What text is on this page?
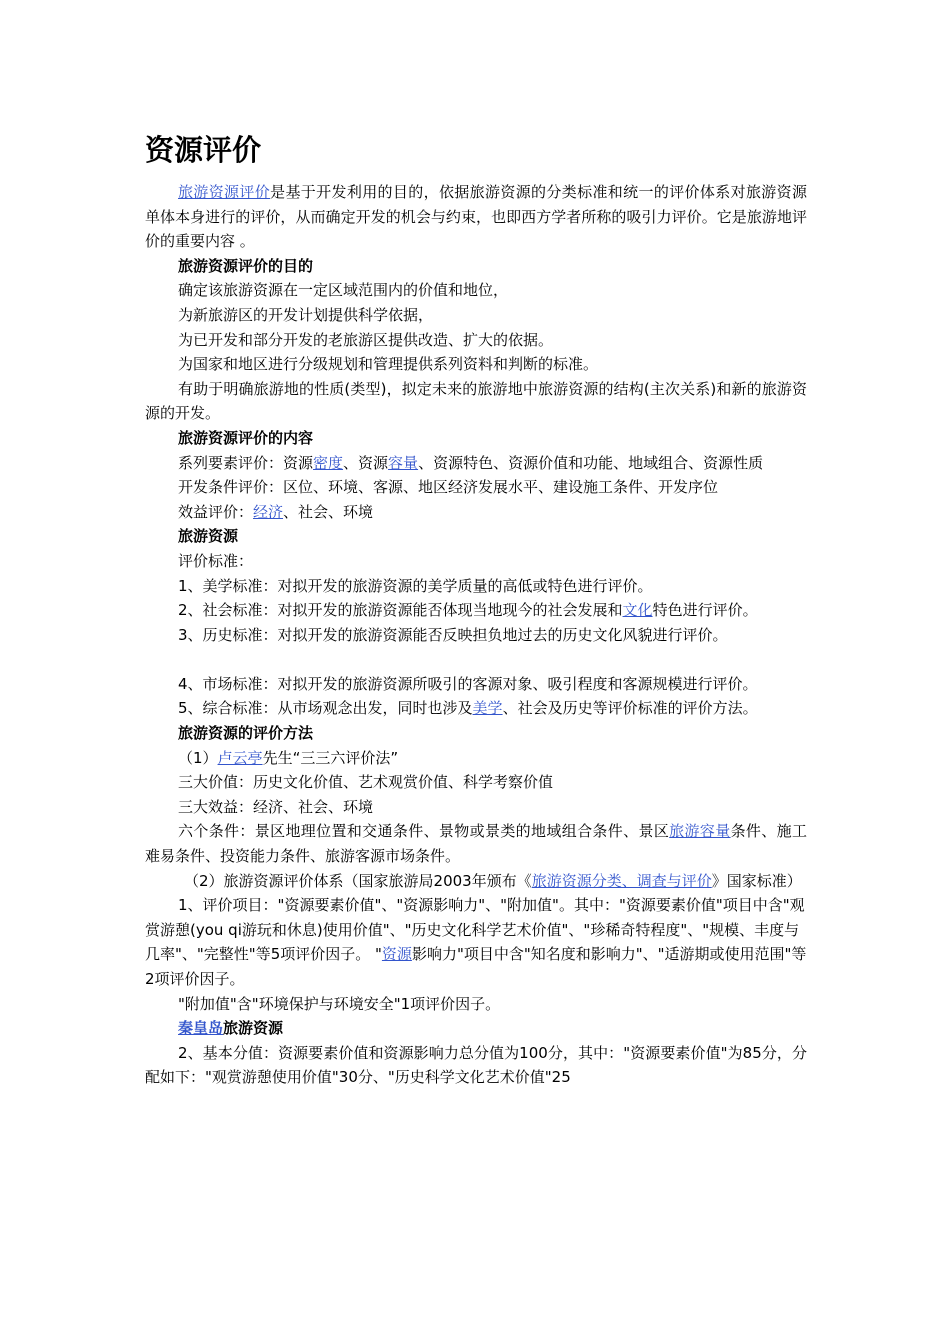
资源评价

旅游资源评价是基于开发利用的目的，依据旅游资源的分类标准和统一的评价体系对旅游资源单体本身进行的评价，从而确定开发的机会与约束，也即西方学者所称的吸引力评价。它是旅游地评价的重要内容 。

旅游资源评价的目的

确定该旅游资源在一定区域范围内的价值和地位，

为新旅游区的开发计划提供科学依据，

为已开发和部分开发的老旅游区提供改造、扩大的依据。

为国家和地区进行分级规划和管理提供系列资料和判断的标准。

有助于明确旅游地的性质(类型)，拟定未来的旅游地中旅游资源的结构(主次关系)和新的旅游资源的开发。

旅游资源评价的内容

系列要素评价：资源密度、资源容量、资源特色、资源价值和功能、地域组合、资源性质

开发条件评价：区位、环境、客源、地区经济发展水平、建设施工条件、开发序位

效益评价：经济、社会、环境

旅游资源

评价标准：

1、美学标准：对拟开发的旅游资源的美学质量的高低或特色进行评价。

2、社会标准：对拟开发的旅游资源能否体现当地现今的社会发展和文化特色进行评价。

3、历史标准：对拟开发的旅游资源能否反映担负地过去的历史文化风貌进行评价。

4、市场标准：对拟开发的旅游资源所吸引的客源对象、吸引程度和客源规模进行评价。

5、综合标准：从市场观念出发，同时也涉及美学、社会及历史等评价标准的评价方法。

旅游资源的评价方法

（1）卢云亭先生“三三六评价法”

三大价值：历史文化价值、艺术观赏价值、科学考察价值

三大效益：经济、社会、环境

六个条件：景区地理位置和交通条件、景物或景类的地域组合条件、景区旅游容量条件、施工难易条件、投资能力条件、旅游客源市场条件。

（2）旅游资源评价体系（国家旅游局2003年颁布《旅游资源分类、调查与评价》国家标准）

1、评价项目："资源要素价值"、"资源影响力"、"附加值"。其中："资源要素价值"项目中含"观赏游憩(you qi游玩和休息)使用价值"、"历史文化科学艺术价值"、"珍稀奇特程度"、"规模、丰度与几率"、"完整性"等5项评价因子。 "资源影响力"项目中含"知名度和影响力"、"适游期或使用范围"等2项评价因子。

"附加值"含"环境保护与环境安全"1项评价因子。

秦皇岛旅游资源

2、基本分值：资源要素价值和资源影响力总分值为100分，其中："资源要素价值"为85分，分配如下："观赏游憩使用价值"30分、"历史科学文化艺术价值"25
